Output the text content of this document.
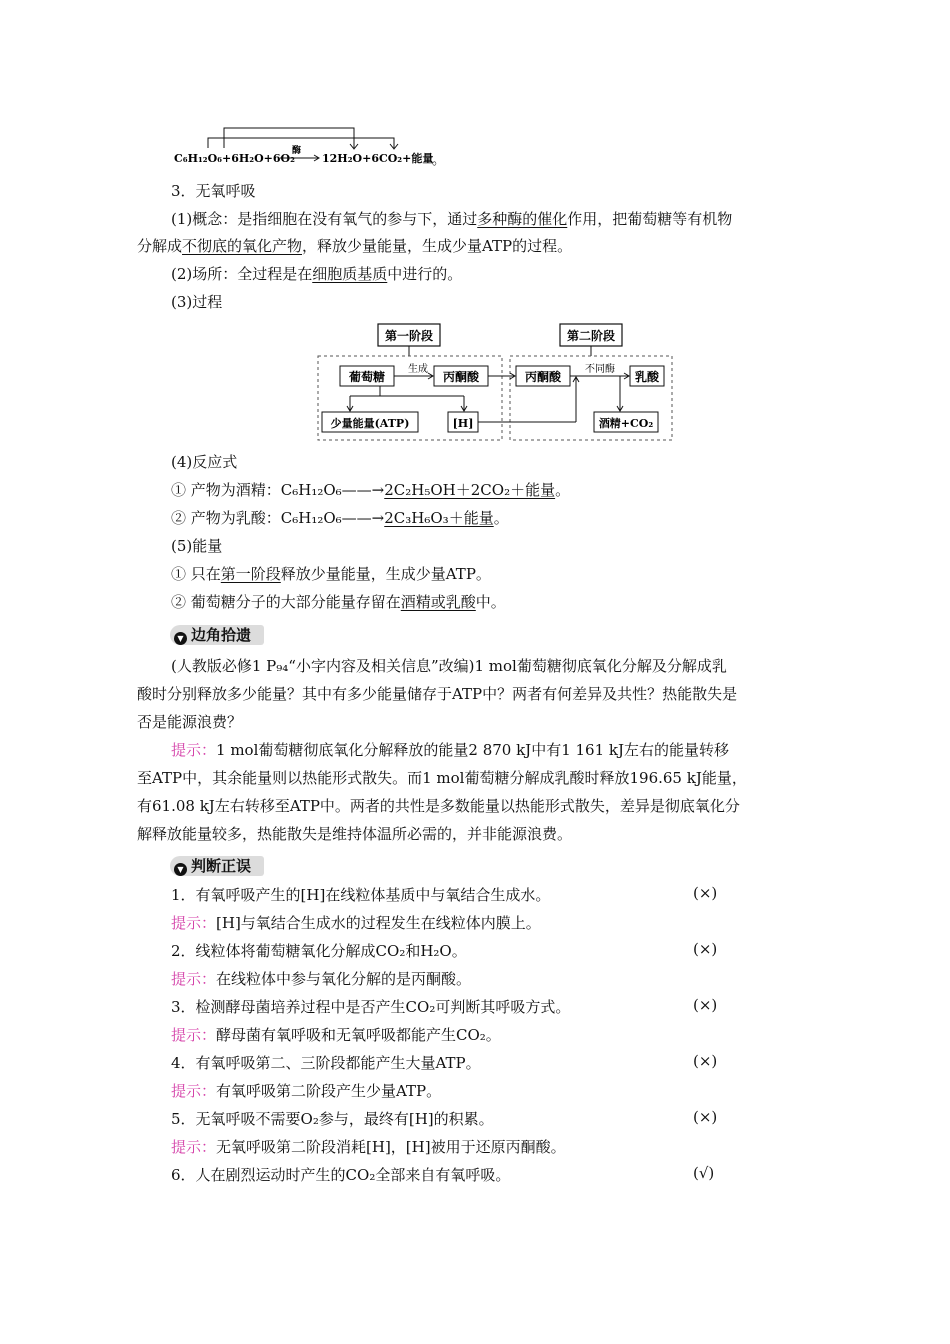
C₆H₁₂O₆+6H₂O+6O₂
酶
12H₂O+6CO₂+能量
。
3．无氧呼吸
(1)概念：是指细胞在没有氧气的参与下，通过多种酶的催化作用，把葡萄糖等有机物
分解成不彻底的氧化产物，释放少量能量，生成少量ATP的过程。
(2)场所：全过程是在细胞质基质中进行的。
(3)过程
第一阶段	第二阶段
葡萄糖
生成
丙酮酸
少量能量(ATP)	[H]
丙酮酸
不同酶
乳酸
酒精+CO₂
(4)反应式
① 产物为酒精：C₆H₁₂O₆——→2C₂H₅OH＋2CO₂＋能量。
② 产物为乳酸：C₆H₁₂O₆——→2C₃H₆O₃＋能量。
(5)能量
① 只在第一阶段释放少量能量，生成少量ATP。
② 葡萄糖分子的大部分能量存留在酒精或乳酸中。
▼ 边角拾遗
(人教版必修1 P₉₄“小字内容及相关信息”改编)1 mol葡萄糖彻底氧化分解及分解成乳
酸时分别释放多少能量？其中有多少能量储存于ATP中？两者有何差异及共性？热能散失是
否是能源浪费？
提示：1 mol葡萄糖彻底氧化分解释放的能量2 870 kJ中有1 161 kJ左右的能量转移
至ATP中，其余能量则以热能形式散失。而1 mol葡萄糖分解成乳酸时释放196.65 kJ能量，
有61.08 kJ左右转移至ATP中。两者的共性是多数能量以热能形式散失，差异是彻底氧化分
解释放能量较多，热能散失是维持体温所必需的，并非能源浪费。
▼ 判断正误
1．有氧呼吸产生的[H]在线粒体基质中与氧结合生成水。	(×)
提示：[H]与氧结合生成水的过程发生在线粒体内膜上。
2．线粒体将葡萄糖氧化分解成CO₂和H₂O。	(×)
提示：在线粒体中参与氧化分解的是丙酮酸。
3．检测酵母菌培养过程中是否产生CO₂可判断其呼吸方式。	(×)
提示：酵母菌有氧呼吸和无氧呼吸都能产生CO₂。
4．有氧呼吸第二、三阶段都能产生大量ATP。	(×)
提示：有氧呼吸第二阶段产生少量ATP。
5．无氧呼吸不需要O₂参与，最终有[H]的积累。	(×)
提示：无氧呼吸第二阶段消耗[H]，[H]被用于还原丙酮酸。
6．人在剧烈运动时产生的CO₂全部来自有氧呼吸。	(√)
